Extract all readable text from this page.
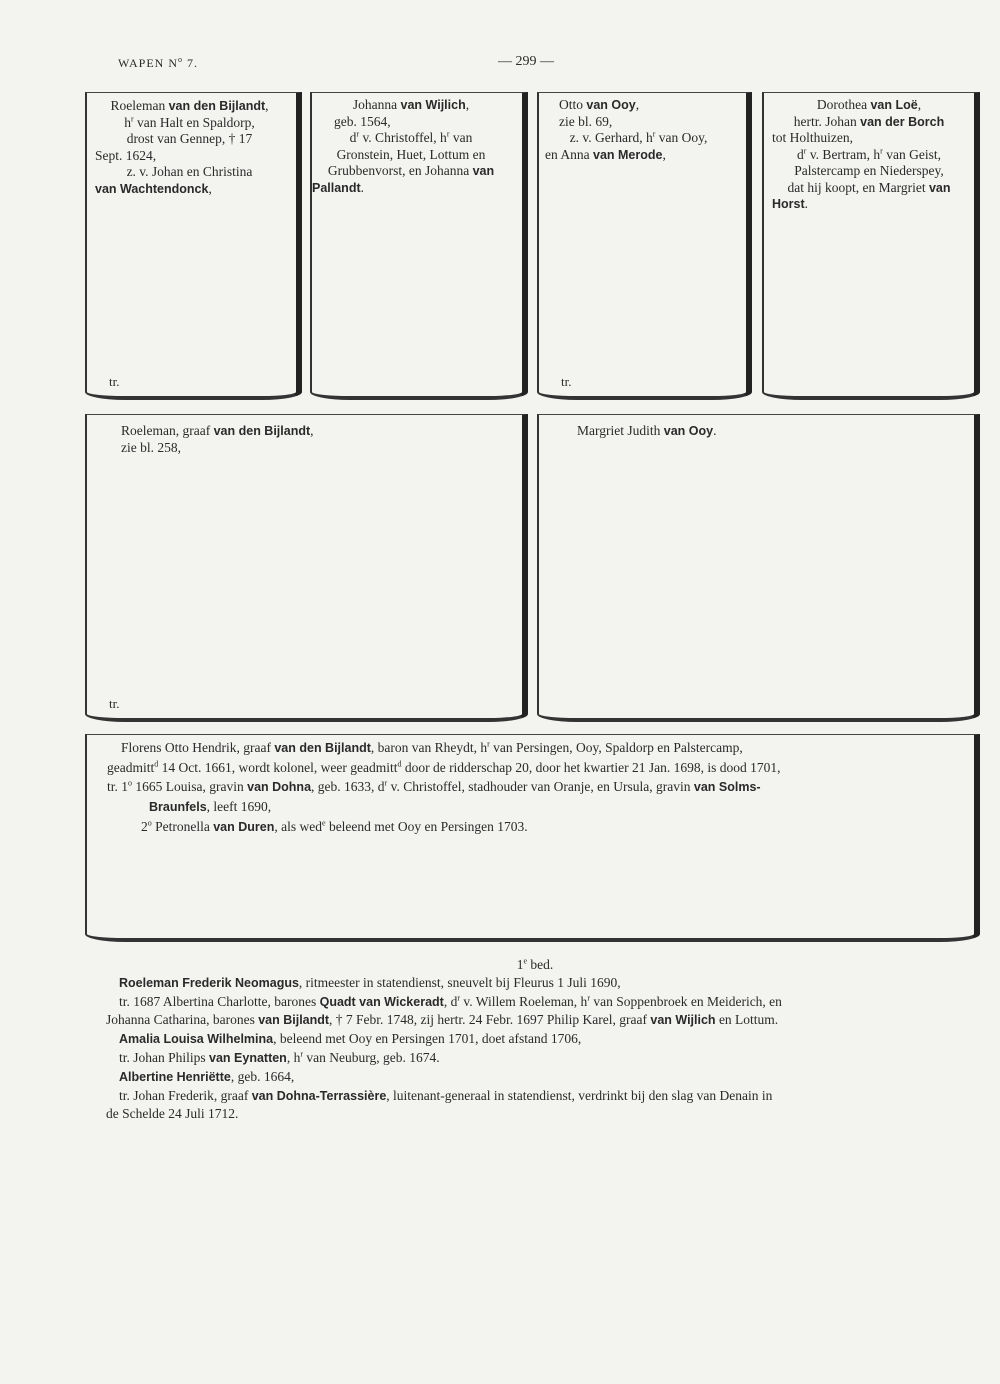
WAPEN $N^o$ 7.	— 299 —
Roeleman van den Bijlandt,
$h^r$ van Halt en Spaldorp,
drost van Gennep, † 17
Sept. 1624,
z. v. Johan en Christina
van Wachtendonck,
tr.
Johanna van Wijlich,
geb. 1564,
$d^r$ v. Christoffel, $h^r$ van
Gronstein, Huet, Lottum en
Grubbenvorst, en Johanna van
Pallandt.
Otto van Ooy,
zie bl. 69,
z. v. Gerhard, $h^r$ van Ooy,
en Anna van Merode,
tr.
Dorothea van Loë,
hertr. Johan van der Borch
tot Holthuizen,
$d^r$ v. Bertram, $h^r$ van Geist,
Palstercamp en Niederspey,
dat hij koopt, en Margriet van
Horst.
Roeleman, graaf van den Bijlandt,
zie bl. 258,
tr.
Margriet Judith van Ooy.
Florens Otto Hendrik, graaf van den Bijlandt, baron van Rheydt, $h^r$ van Persingen, Ooy, Spaldorp en Palstercamp,
geadmitt$^d$ 14 Oct. 1661, wordt kolonel, weer geadmitt$^d$ door de ridderschap 20, door het kwartier 21 Jan. 1698, is dood 1701,
tr. 1$^o$ 1665 Louisa, gravin van Dohna, geb. 1633, $d^r$ v. Christoffel, stadhouder van Oranje, en Ursula, gravin van Solms-
Braunfels, leeft 1690,
2$^o$ Petronella van Duren, als wed$^e$ beleend met Ooy en Persingen 1703.
1e bed.
Roeleman Frederik Neomagus, ritmeester in statendienst, sneuvelt bij Fleurus 1 Juli 1690,
tr. 1687 Albertina Charlotte, barones Quadt van Wickeradt, $d^r$ v. Willem Roeleman, $h^r$ van Soppenbroek en Meiderich, en
Johanna Catharina, barones van Bijlandt, † 7 Febr. 1748, zij hertr. 24 Febr. 1697 Philip Karel, graaf van Wijlich en Lottum.
Amalia Louisa Wilhelmina, beleend met Ooy en Persingen 1701, doet afstand 1706,
tr. Johan Philips van Eynatten, $h^r$ van Neuburg, geb. 1674.
Albertine Henriëtte, geb. 1664,
tr. Johan Frederik, graaf van Dohna-Terrassière, luitenant-generaal in statendienst, verdrinkt bij den slag van Denain in
de Schelde 24 Juli 1712.
